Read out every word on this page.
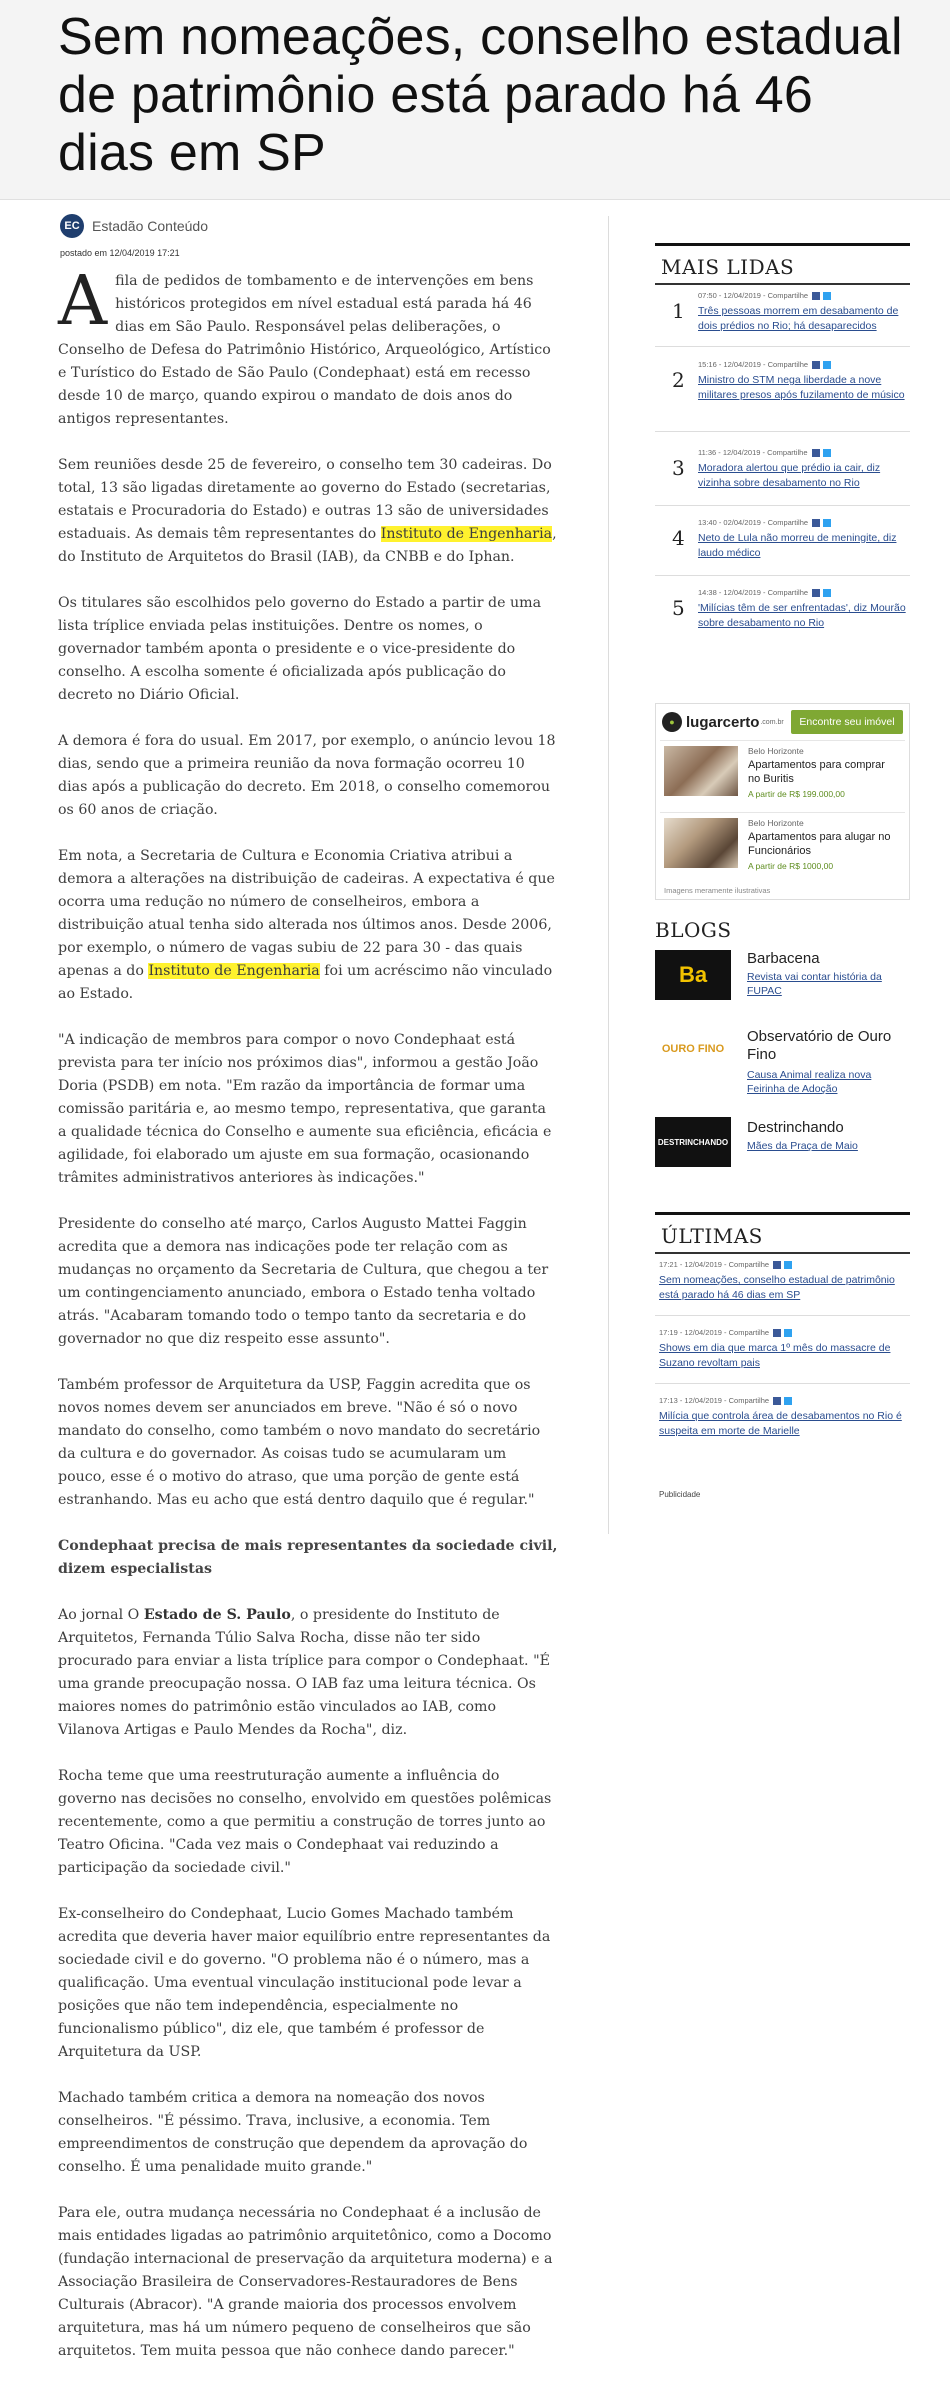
Sem nomeações, conselho estadual de patrimônio está parado há 46 dias em SP
EC Estadão Conteúdo
postado em 12/04/2019 17:21

A fila de pedidos de tombamento e de intervenções em bens históricos protegidos em nível estadual está parada há 46 dias em São Paulo. Responsável pelas deliberações, o Conselho de Defesa do Patrimônio Histórico, Arqueológico, Artístico e Turístico do Estado de São Paulo (Condephaat) está em recesso desde 10 de março, quando expirou o mandato de dois anos do antigos representantes.

Sem reuniões desde 25 de fevereiro, o conselho tem 30 cadeiras. Do total, 13 são ligadas diretamente ao governo do Estado (secretarias, estatais e Procuradoria do Estado) e outras 13 são de universidades estaduais. As demais têm representantes do Instituto de Engenharia, do Instituto de Arquitetos do Brasil (IAB), da CNBB e do Iphan.

Os titulares são escolhidos pelo governo do Estado a partir de uma lista tríplice enviada pelas instituições. Dentre os nomes, o governador também aponta o presidente e o vice-presidente do conselho. A escolha somente é oficializada após publicação do decreto no Diário Oficial.

A demora é fora do usual. Em 2017, por exemplo, o anúncio levou 18 dias, sendo que a primeira reunião da nova formação ocorreu 10 dias após a publicação do decreto. Em 2018, o conselho comemorou os 60 anos de criação.

Em nota, a Secretaria de Cultura e Economia Criativa atribui a demora a alterações na distribuição de cadeiras. A expectativa é que ocorra uma redução no número de conselheiros, embora a distribuição atual tenha sido alterada nos últimos anos. Desde 2006, por exemplo, o número de vagas subiu de 22 para 30 - das quais apenas a do Instituto de Engenharia foi um acréscimo não vinculado ao Estado.

"A indicação de membros para compor o novo Condephaat está prevista para ter início nos próximos dias", informou a gestão João Doria (PSDB) em nota. "Em razão da importância de formar uma comissão paritária e, ao mesmo tempo, representativa, que garanta a qualidade técnica do Conselho e aumente sua eficiência, eficácia e agilidade, foi elaborado um ajuste em sua formação, ocasionando trâmites administrativos anteriores às indicações."

Presidente do conselho até março, Carlos Augusto Mattei Faggin acredita que a demora nas indicações pode ter relação com as mudanças no orçamento da Secretaria de Cultura, que chegou a ter um contingenciamento anunciado, embora o Estado tenha voltado atrás. "Acabaram tomando todo o tempo tanto da secretaria e do governador no que diz respeito esse assunto".

Também professor de Arquitetura da USP, Faggin acredita que os novos nomes devem ser anunciados em breve. "Não é só o novo mandato do conselho, como também o novo mandato do secretário da cultura e do governador. As coisas tudo se acumularam um pouco, esse é o motivo do atraso, que uma porção de gente está estranhando. Mas eu acho que está dentro daquilo que é regular."

Condephaat precisa de mais representantes da sociedade civil, dizem especialistas

Ao jornal O Estado de S. Paulo, o presidente do Instituto de Arquitetos, Fernanda Túlio Salva Rocha, disse não ter sido procurado para enviar a lista tríplice para compor o Condephaat. "É uma grande preocupação nossa. O IAB faz uma leitura técnica. Os maiores nomes do patrimônio estão vinculados ao IAB, como Vilanova Artigas e Paulo Mendes da Rocha", diz.

Rocha teme que uma reestruturação aumente a influência do governo nas decisões no conselho, envolvido em questões polêmicas recentemente, como a que permitiu a construção de torres junto ao Teatro Oficina. "Cada vez mais o Condephaat vai reduzindo a participação da sociedade civil."

Ex-conselheiro do Condephaat, Lucio Gomes Machado também acredita que deveria haver maior equilíbrio entre representantes da sociedade civil e do governo. "O problema não é o número, mas a qualificação. Uma eventual vinculação institucional pode levar a posições que não tem independência, especialmente no funcionalismo público", diz ele, que também é professor de Arquitetura da USP.

Machado também critica a demora na nomeação dos novos conselheiros. "É péssimo. Trava, inclusive, a economia. Tem empreendimentos de construção que dependem da aprovação do conselho. É uma penalidade muito grande."

Para ele, outra mudança necessária no Condephaat é a inclusão de mais entidades ligadas ao patrimônio arquitetônico, como a Docomo (fundação internacional de preservação da arquitetura moderna) e a Associação Brasileira de Conservadores-Restauradores de Bens Culturais (Abracor). "A grande maioria dos processos envolvem arquitetura, mas há um número pequeno de conselheiros que são arquitetos. Tem muita pessoa que não conhece dando parecer."

MAIS LIDAS
1
07:50 - 12/04/2019 - Compartilhe
Três pessoas morrem em desabamento de dois prédios no Rio; há desaparecidos
2
15:16 - 12/04/2019 - Compartilhe
Ministro do STM nega liberdade a nove militares presos após fuzilamento de músico
3
11:36 - 12/04/2019 - Compartilhe
Moradora alertou que prédio ia cair, diz vizinha sobre desabamento no Rio
4
13:40 - 02/04/2019 - Compartilhe
Neto de Lula não morreu de meningite, diz laudo médico
5
14:38 - 12/04/2019 - Compartilhe
'Milícias têm de ser enfrentadas', diz Mourão sobre desabamento no Rio
● lugarcerto .com.br	Encontre seu imóvel
Belo Horizonte
Apartamentos para comprar no Buritis
A partir de R$ 199.000,00
Belo Horizonte
Apartamentos para alugar no Funcionários
A partir de R$ 1000,00
Imagens meramente ilustrativas
BLOGS
Ba
Barbacena
Revista vai contar história da FUPAC
OURO FINO
Observatório de Ouro Fino
Causa Animal realiza nova Feirinha de Adoção
DESTRINCHANDO
Destrinchando
Mães da Praça de Maio
ÚLTIMAS
17:21 - 12/04/2019 - Compartilhe
Sem nomeações, conselho estadual de patrimônio está parado há 46 dias em SP
17:19 - 12/04/2019 - Compartilhe
Shows em dia que marca 1º mês do massacre de Suzano revoltam pais
17:13 - 12/04/2019 - Compartilhe
Milícia que controla área de desabamentos no Rio é suspeita em morte de Marielle
Publicidade
